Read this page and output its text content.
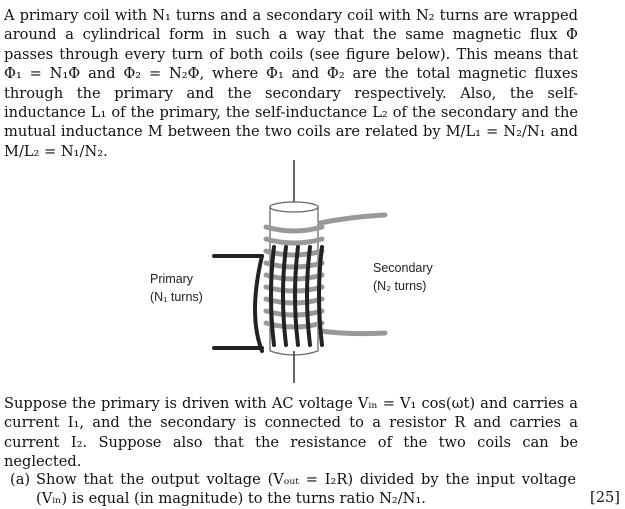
A primary coil with N₁ turns and a secondary coil with N₂ turns are wrapped around a cylindrical form in such a way that the same magnetic flux Φ passes through every turn of both coils (see figure below). This means that Φ₁ = N₁Φ and Φ₂ = N₂Φ, where Φ₁ and Φ₂ are the total magnetic fluxes through the primary and the secondary respectively. Also, the self-inductance L₁ of the primary, the self-inductance L₂ of the secondary and the mutual inductance M between the two coils are related by M/L₁ = N₂/N₁ and M/L₂ = N₁/N₂.

Primary
(N₁ turns)
Secondary
(N₂ turns)

Suppose the primary is driven with AC voltage Vᵢₙ = V₁ cos(ωt) and carries a current I₁, and the secondary is connected to a resistor R and carries a current I₂. Suppose also that the resistance of the two coils can be neglected.

(a) Show that the output voltage (Vₒᵤₜ = I₂R) divided by the input voltage (Vᵢₙ) is equal (in magnitude) to the turns ratio N₂/N₁.	[25]
